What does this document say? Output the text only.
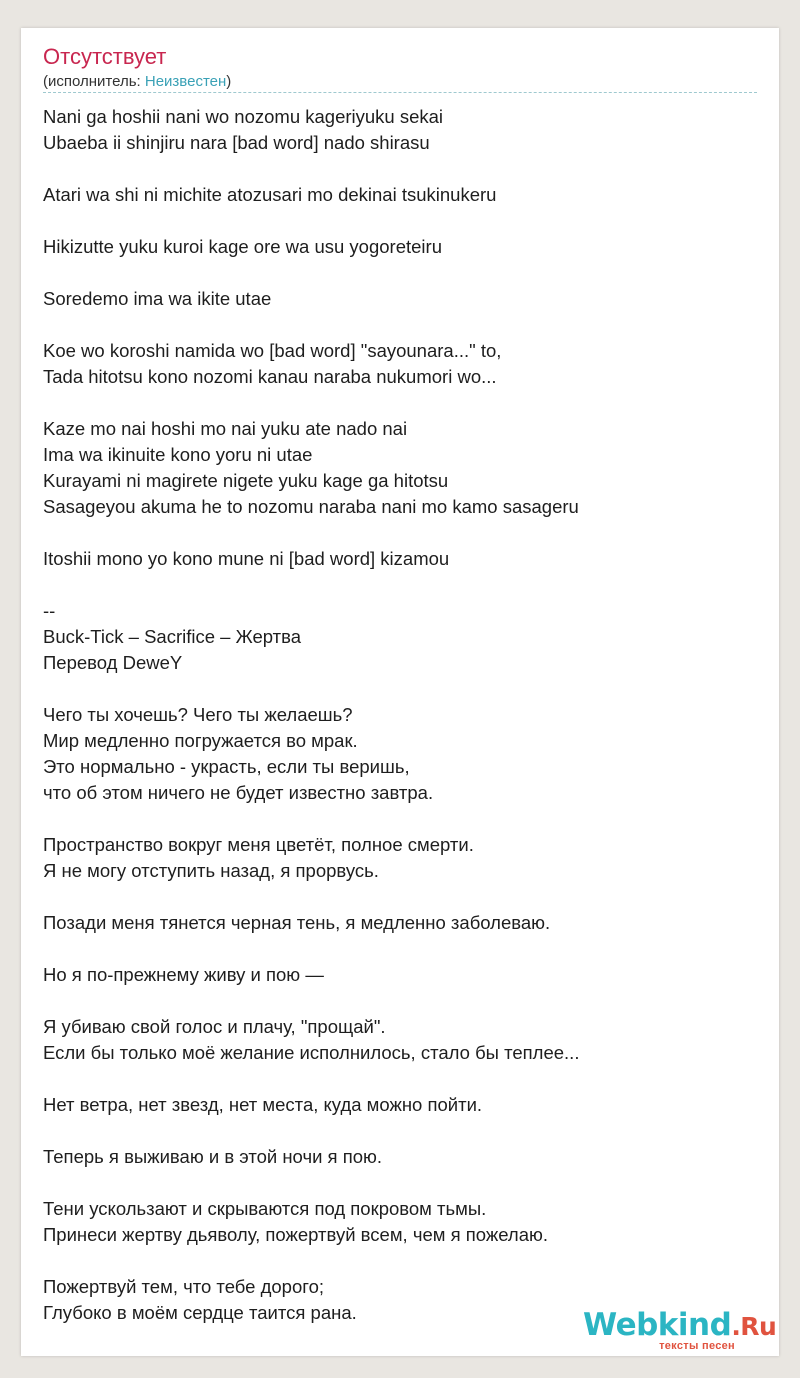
Отсутствует
(исполнитель: Неизвестен)
Nani ga hoshii nani wo nozomu kageriyuku sekai
Ubaeba ii shinjiru nara [bad word] nado shirasu
Atari wa shi ni michite atozusari mo dekinai tsukinukeru
Hikizutte yuku kuroi kage ore wa usu yogoreteiru
Soredemo ima wa ikite utae
Koe wo koroshi namida wo [bad word] "sayounara..." to,
Tada hitotsu kono nozomi kanau naraba nukumori wo...
Kaze mo nai hoshi mo nai yuku ate nado nai
Ima wa ikinuite kono yoru ni utae
Kurayami ni magirete nigete yuku kage ga hitotsu
Sasageyou akuma he to nozomu naraba nani mo kamo sasageru
Itoshii mono yo kono mune ni [bad word] kizamou
--
Buck-Tick – Sacrifice – Жертва
Перевод DeweY
Чего ты хочешь? Чего ты желаешь?
Мир медленно погружается во мрак.
Это нормально - украсть, если ты веришь,
что об этом ничего не будет известно завтра.
Пространство вокруг меня цветёт, полное смерти.
Я не могу отступить назад, я прорвусь.
Позади меня тянется черная тень, я медленно заболеваю.
Но я по-прежнему живу и пою —
Я убиваю свой голос и плачу, "прощай".
Если бы только моё желание исполнилось, стало бы теплее...
Нет ветра, нет звезд, нет места, куда можно пойти.
Теперь я выживаю и в этой ночи я пою.
Тени ускользают и скрываются под покровом тьмы.
Принеси жертву дьяволу, пожертвуй всем, чем я пожелаю.
Пожертвуй тем, что тебе дорого;
Глубоко в моём сердце таится рана.	Webkind.Ru
тексты песен
